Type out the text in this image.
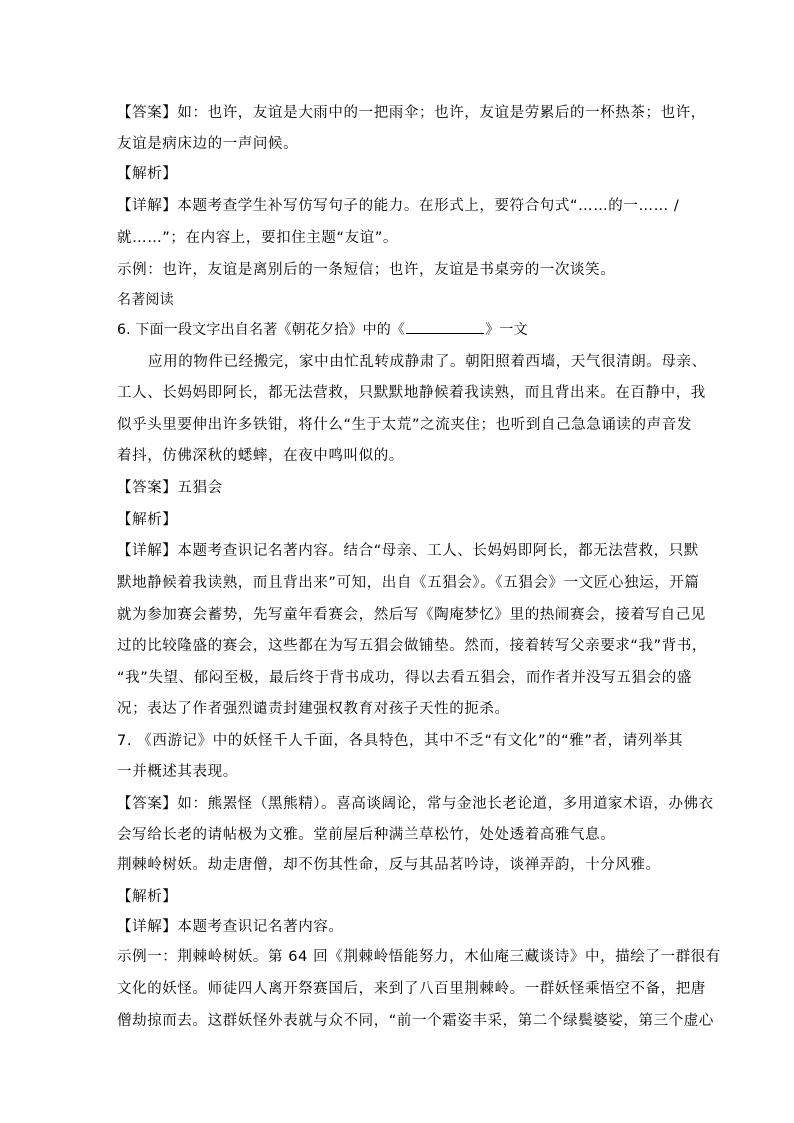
【答案】如：也许，友谊是大雨中的一把雨伞；也许，友谊是劳累后的一杯热茶；也许，
友谊是病床边的一声问候。
【解析】
【详解】本题考查学生补写仿写句子的能力。在形式上，要符合句式“……的一…… /
就……”；在内容上，要扣住主题“友谊”。
示例：也许，友谊是离别后的一条短信；也许，友谊是书桌旁的一次谈笑。
名著阅读
6. 下面一段文字出自名著《朝花夕拾》中的《	》一文
应用的物件已经搬完，家中由忙乱转成静肃了。朝阳照着西墙，天气很清朗。母亲、
工人、长妈妈即阿长，都无法营救，只默默地静候着我读熟，而且背出来。在百静中，我
似乎头里要伸出许多铁钳，将什么“生于太荒”之流夹住；也听到自己急急诵读的声音发
着抖，仿佛深秋的蟋蟀，在夜中鸣叫似的。
【答案】五猖会
【解析】
【详解】本题考查识记名著内容。结合“母亲、工人、长妈妈即阿长，都无法营救，只默
默地静候着我读熟，而且背出来”可知，出自《五猖会》。《五猖会》一文匠心独运，开篇
就为参加赛会蓄势，先写童年看赛会，然后写《陶庵梦忆》里的热闹赛会，接着写自己见
过的比较隆盛的赛会，这些都在为写五猖会做铺垫。然而，接着转写父亲要求“我”背书，
“我”失望、郁闷至极，最后终于背书成功，得以去看五猖会，而作者并没写五猖会的盛
况；表达了作者强烈谴责封建强权教育对孩子天性的扼杀。
7. 《西游记》中的妖怪千人千面，各具特色，其中不乏“有文化”的“雅”者，请列举其
一并概述其表现。
【答案】如：熊罴怪（黑熊精）。喜高谈阔论，常与金池长老论道，多用道家术语，办佛衣
会写给长老的请帖极为文雅。堂前屋后种满兰草松竹，处处透着高雅气息。
荆棘岭树妖。劫走唐僧，却不伤其性命，反与其品茗吟诗，谈禅弄韵，十分风雅。
【解析】
【详解】本题考查识记名著内容。
示例一：荆棘岭树妖。第 64 回《荆棘岭悟能努力，木仙庵三藏谈诗》中，描绘了一群很有
文化的妖怪。师徒四人离开祭赛国后，来到了八百里荆棘岭。一群妖怪乘悟空不备，把唐
僧劫掠而去。这群妖怪外表就与众不同，“前一个霜姿丰采，第二个绿鬓婆娑，第三个虚心
